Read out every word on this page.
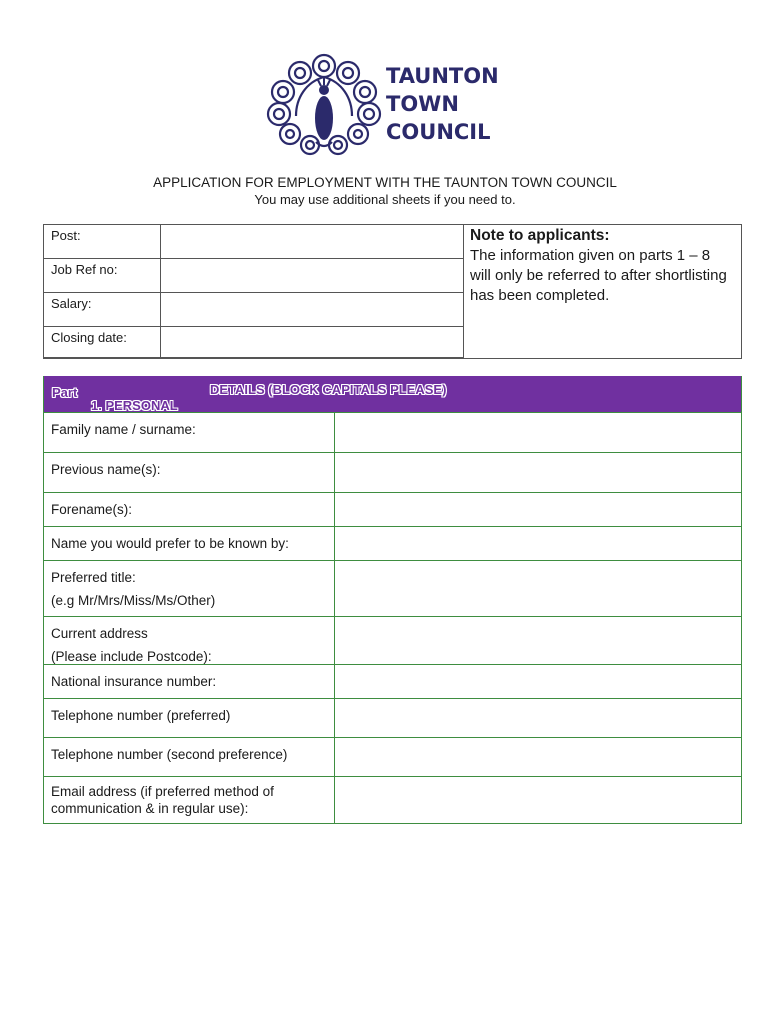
TAUNTON
TOWN
COUNCIL
APPLICATION FOR EMPLOYMENT WITH THE TAUNTON TOWN COUNCIL
You may use additional sheets if you need to.
Post:
Job Ref no:
Salary:
Closing date:
Note to applicants:
The information given on parts 1 – 8 will only be referred to after shortlisting has been completed.
Part
1. PERSONAL
DETAILS (BLOCK CAPITALS PLEASE)
Family name / surname:
Previous name(s):
Forename(s):
Name you would prefer to be known by:
Preferred title:
(e.g Mr/Mrs/Miss/Ms/Other)
Current address
(Please include Postcode):
National insurance number:
Telephone number (preferred)
Telephone number (second preference)
Email address (if preferred method of
communication & in regular use):
